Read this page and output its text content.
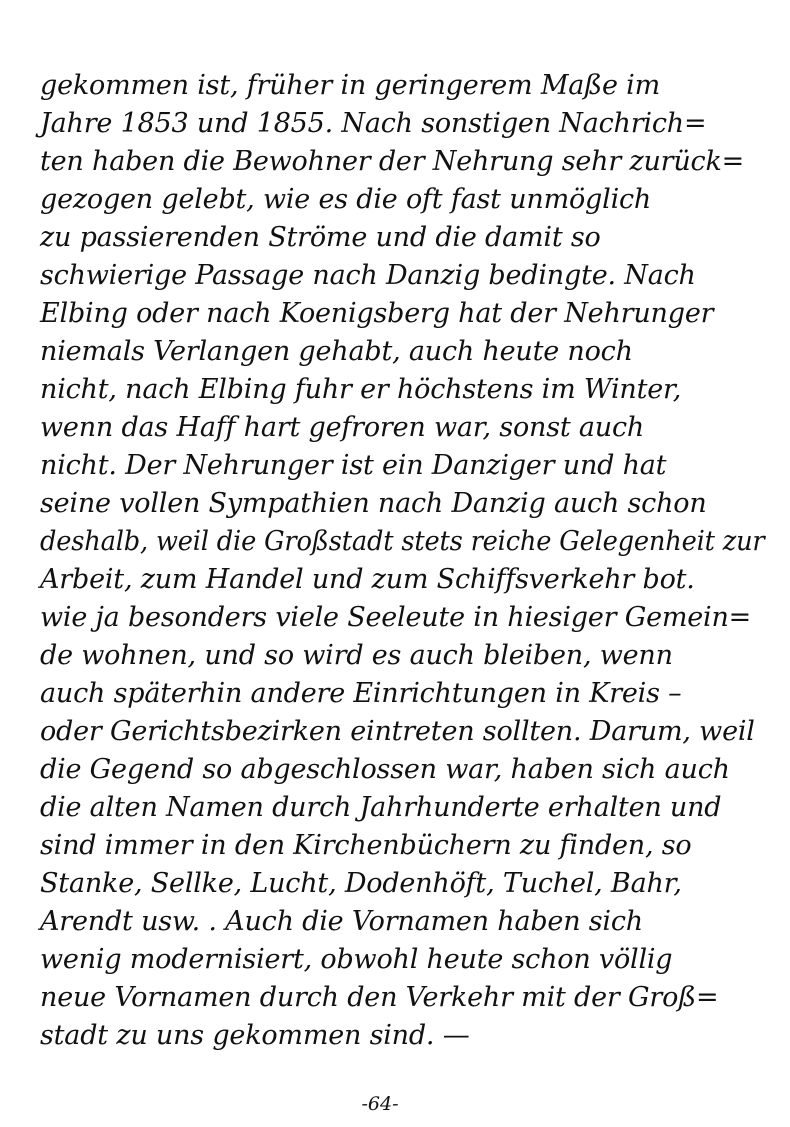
gekommen ist, früher in geringerem Maße im
Jahre 1853 und 1855. Nach sonstigen Nachrich=
ten haben die Bewohner der Nehrung sehr zurück=
gezogen gelebt, wie es die oft fast unmöglich
zu passierenden Ströme und die damit so
schwierige Passage nach Danzig bedingte. Nach
Elbing oder nach Koenigsberg hat der Nehrunger
niemals Verlangen gehabt, auch heute noch
nicht, nach Elbing fuhr er höchstens im Winter,
wenn das Haff hart gefroren war, sonst auch
nicht. Der Nehrunger ist ein Danziger und hat
seine vollen Sympathien nach Danzig auch schon
deshalb, weil die Großstadt stets reiche Gelegenheit zur
Arbeit, zum Handel und zum Schiffsverkehr bot.
wie ja besonders viele Seeleute in hiesiger Gemein=
de wohnen, und so wird es auch bleiben, wenn
auch späterhin andere Einrichtungen in Kreis –
oder Gerichtsbezirken eintreten sollten. Darum, weil
die Gegend so abgeschlossen war, haben sich auch
die alten Namen durch Jahrhunderte erhalten und
sind immer in den Kirchenbüchern zu finden, so
Stanke, Sellke, Lucht, Dodenhöft, Tuchel, Bahr,
Arendt usw. . Auch die Vornamen haben sich
wenig modernisiert, obwohl heute schon völlig
neue Vornamen durch den Verkehr mit der Groß=
stadt zu uns gekommen sind. —
-64-
